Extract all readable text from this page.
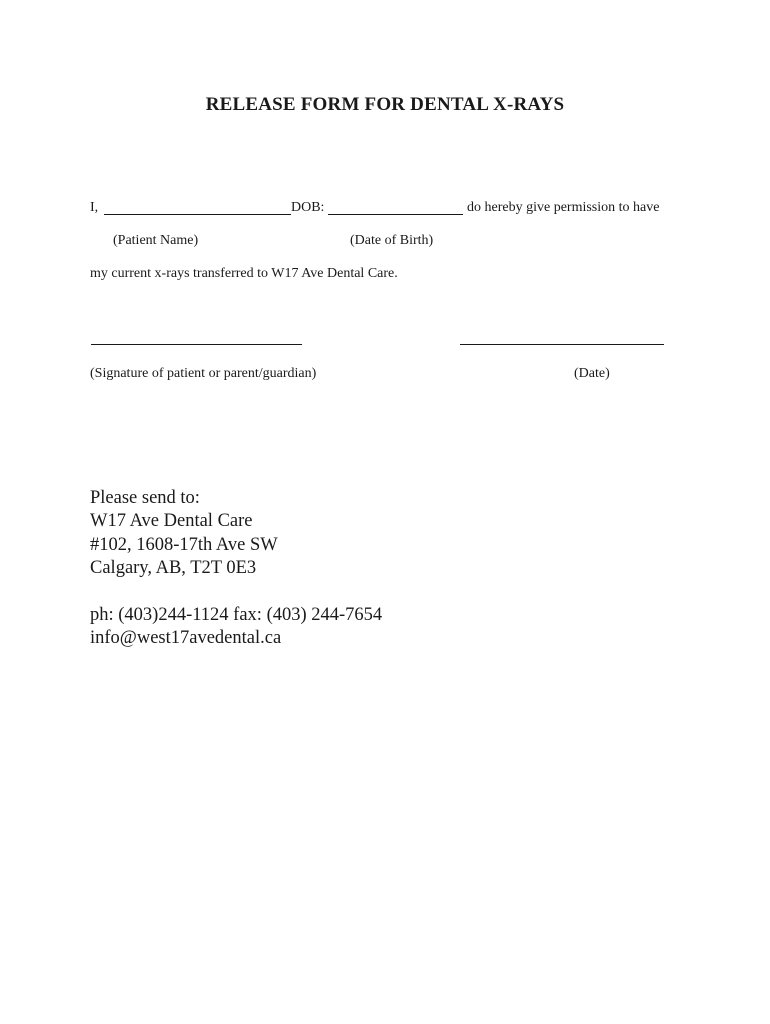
RELEASE FORM FOR DENTAL X-RAYS
I,	DOB:	do hereby give permission to have
(Patient Name)	(Date of Birth)
my current x-rays transferred to W17 Ave Dental Care.
(Signature of patient or parent/guardian)	(Date)
Please send to:
W17 Ave Dental Care
#102, 1608-17th Ave SW
Calgary, AB, T2T 0E3
ph: (403)244-1124 fax: (403) 244-7654
info@west17avedental.ca
